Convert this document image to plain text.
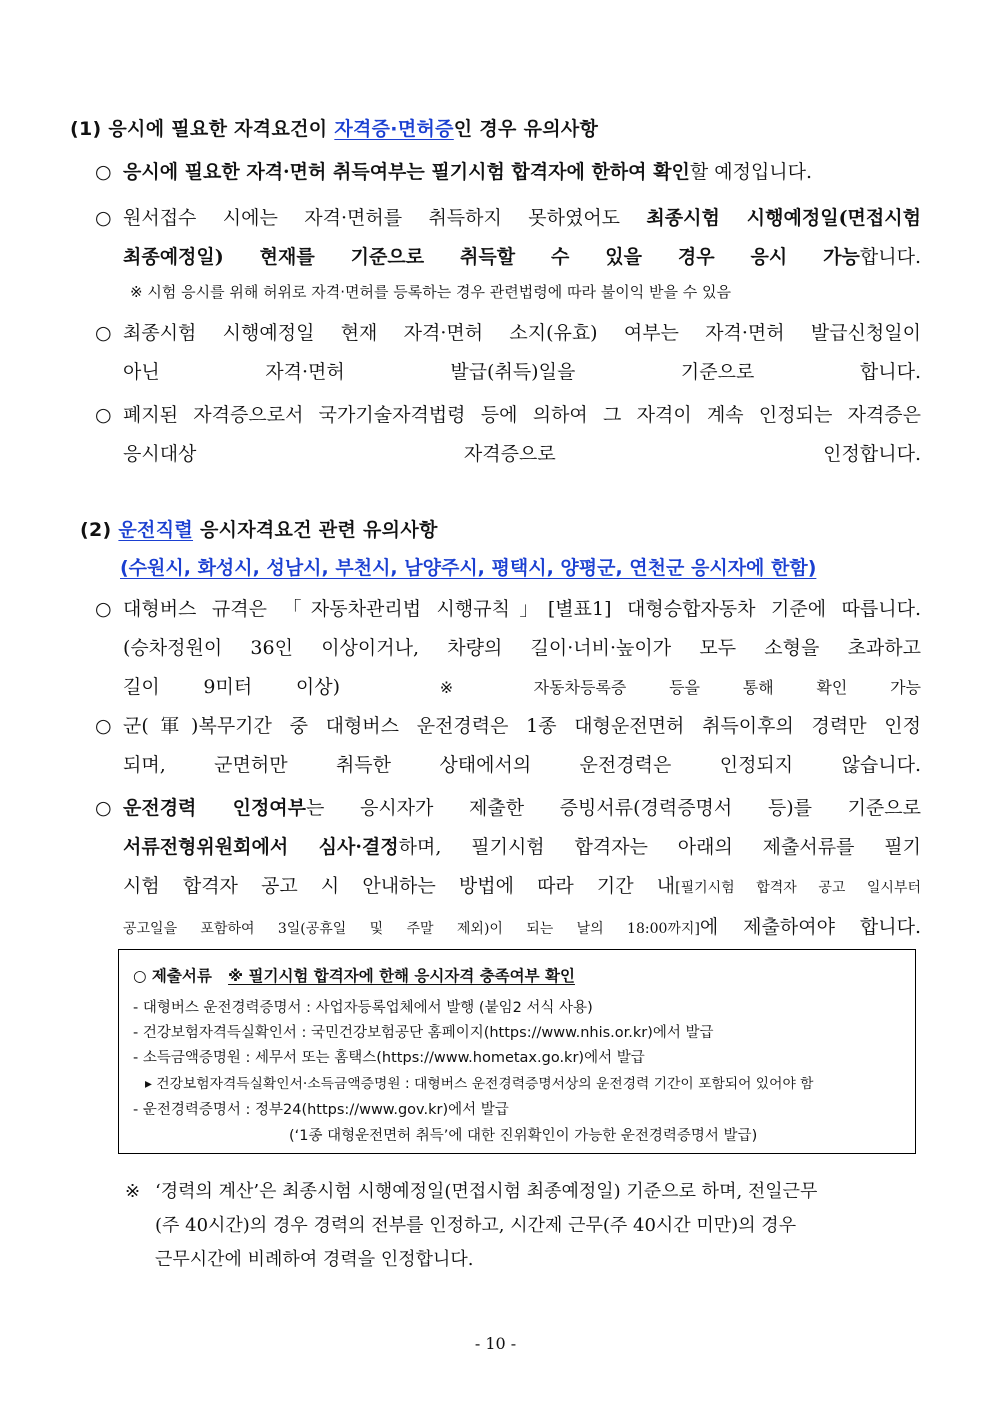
(1) 응시에 필요한 자격요건이 자격증·면허증인 경우 유의사항
○ 응시에 필요한 자격·면허 취득여부는 필기시험 합격자에 한하여 확인할 예정입니다.
○ 원서접수 시에는 자격·면허를 취득하지 못하였어도 최종시험 시행예정일(면접시험
최종예정일) 현재를 기준으로 취득할 수 있을 경우 응시 가능합니다.
※ 시험 응시를 위해 허위로 자격·면허를 등록하는 경우 관련법령에 따라 불이익 받을 수 있음
○ 최종시험 시행예정일 현재 자격·면허 소지(유효) 여부는 자격·면허 발급신청일이
아닌 자격·면허 발급(취득)일을 기준으로 합니다.
○ 폐지된 자격증으로서 국가기술자격법령 등에 의하여 그 자격이 계속 인정되는 자격증은
응시대상 자격증으로 인정합니다.
(2) 운전직렬 응시자격요건 관련 유의사항
(수원시, 화성시, 성남시, 부천시, 남양주시, 평택시, 양평군, 연천군 응시자에 한함)
○ 대형버스 규격은 「자동차관리법 시행규칙」[별표1] 대형승합자동차 기준에 따릅니다.
(승차정원이 36인 이상이거나, 차량의 길이·너비·높이가 모두 소형을 초과하고
길이 9미터 이상)	※ 자동차등록증 등을 통해 확인 가능
○ 군(軍)복무기간 중 대형버스 운전경력은 1종 대형운전면허 취득이후의 경력만 인정
되며, 군면허만 취득한 상태에서의 운전경력은 인정되지 않습니다.
○ 운전경력 인정여부는 응시자가 제출한 증빙서류(경력증명서 등)를 기준으로
서류전형위원회에서 심사·결정하며, 필기시험 합격자는 아래의 제출서류를 필기
시험 합격자 공고 시 안내하는 방법에 따라 기간 내[필기시험 합격자 공고 일시부터
공고일을 포함하여 3일(공휴일 및 주말 제외)이 되는 날의 18:00까지]에 제출하여야 합니다.
○ 제출서류 ※ 필기시험 합격자에 한해 응시자격 충족여부 확인
- 대형버스 운전경력증명서 : 사업자등록업체에서 발행 (붙임2 서식 사용)
- 건강보험자격득실확인서 : 국민건강보험공단 홈페이지(https://www.nhis.or.kr)에서 발급
- 소득금액증명원 : 세무서 또는 홈택스(https://www.hometax.go.kr)에서 발급
▸ 건강보험자격득실확인서·소득금액증명원 : 대형버스 운전경력증명서상의 운전경력 기간이 포함되어 있어야 함
- 운전경력증명서 : 정부24(https://www.gov.kr)에서 발급
(‘1종 대형운전면허 취득’에 대한 진위확인이 가능한 운전경력증명서 발급)
※ ‘경력의 계산’은 최종시험 시행예정일(면접시험 최종예정일) 기준으로 하며, 전일근무
(주 40시간)의 경우 경력의 전부를 인정하고, 시간제 근무(주 40시간 미만)의 경우
근무시간에 비례하여 경력을 인정합니다.
- 10 -
